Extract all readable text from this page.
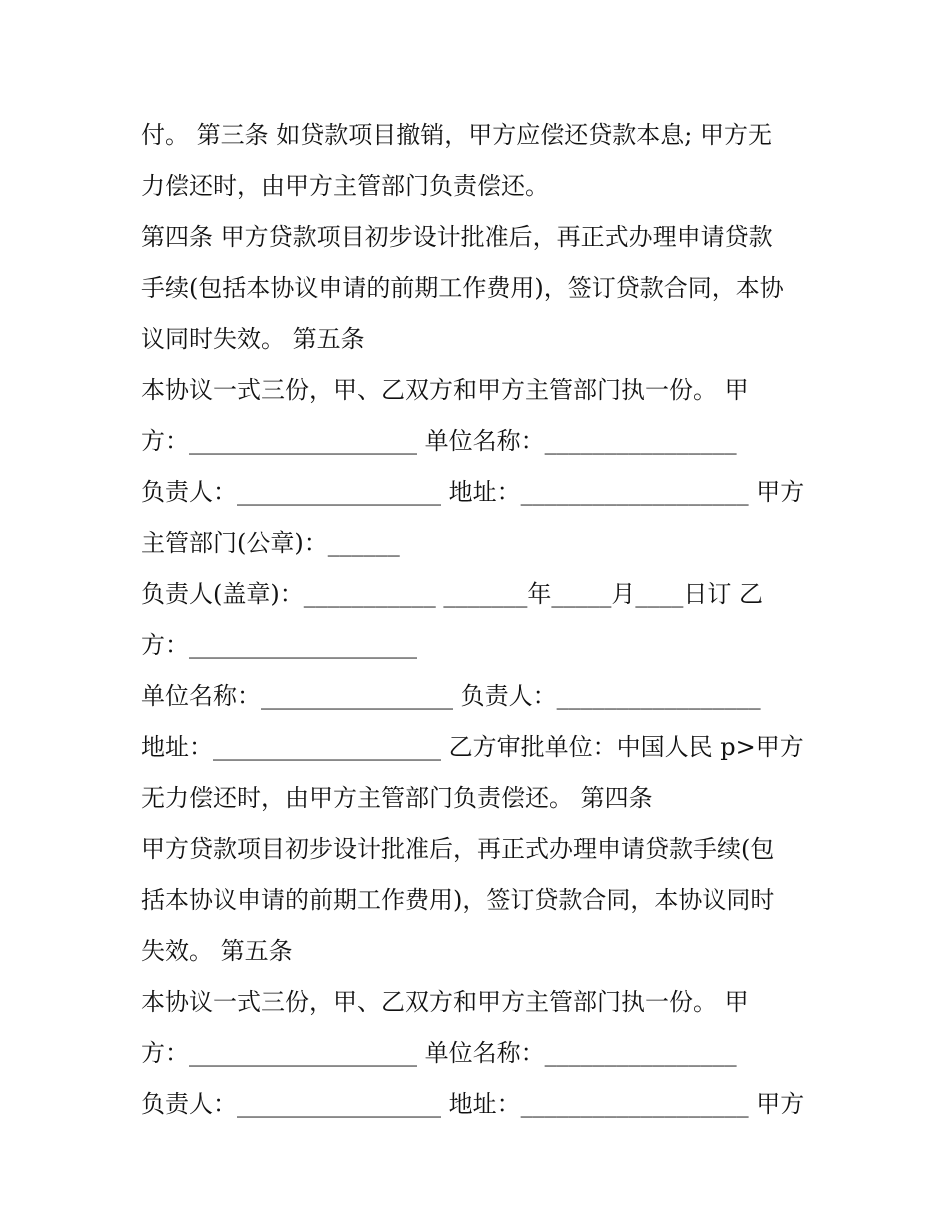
付。 第三条 如贷款项目撤销，甲方应偿还贷款本息; 甲方无

力偿还时，由甲方主管部门负责偿还。

第四条 甲方贷款项目初步设计批准后，再正式办理申请贷款

手续(包括本协议申请的前期工作费用)，签订贷款合同，本协

议同时失效。 第五条

本协议一式三份，甲、乙双方和甲方主管部门执一份。 甲

方：___________________ 单位名称：________________

负责人：_________________ 地址：___________________ 甲方

主管部门(公章)：______

负责人(盖章)：___________ _______年_____月____日订 乙

方：___________________

单位名称：________________ 负责人：_________________

地址：___________________ 乙方审批单位：中国人民 p>甲方

无力偿还时，由甲方主管部门负责偿还。 第四条

甲方贷款项目初步设计批准后，再正式办理申请贷款手续(包

括本协议申请的前期工作费用)，签订贷款合同，本协议同时

失效。 第五条

本协议一式三份，甲、乙双方和甲方主管部门执一份。 甲

方：___________________ 单位名称：________________

负责人：_________________ 地址：___________________ 甲方
